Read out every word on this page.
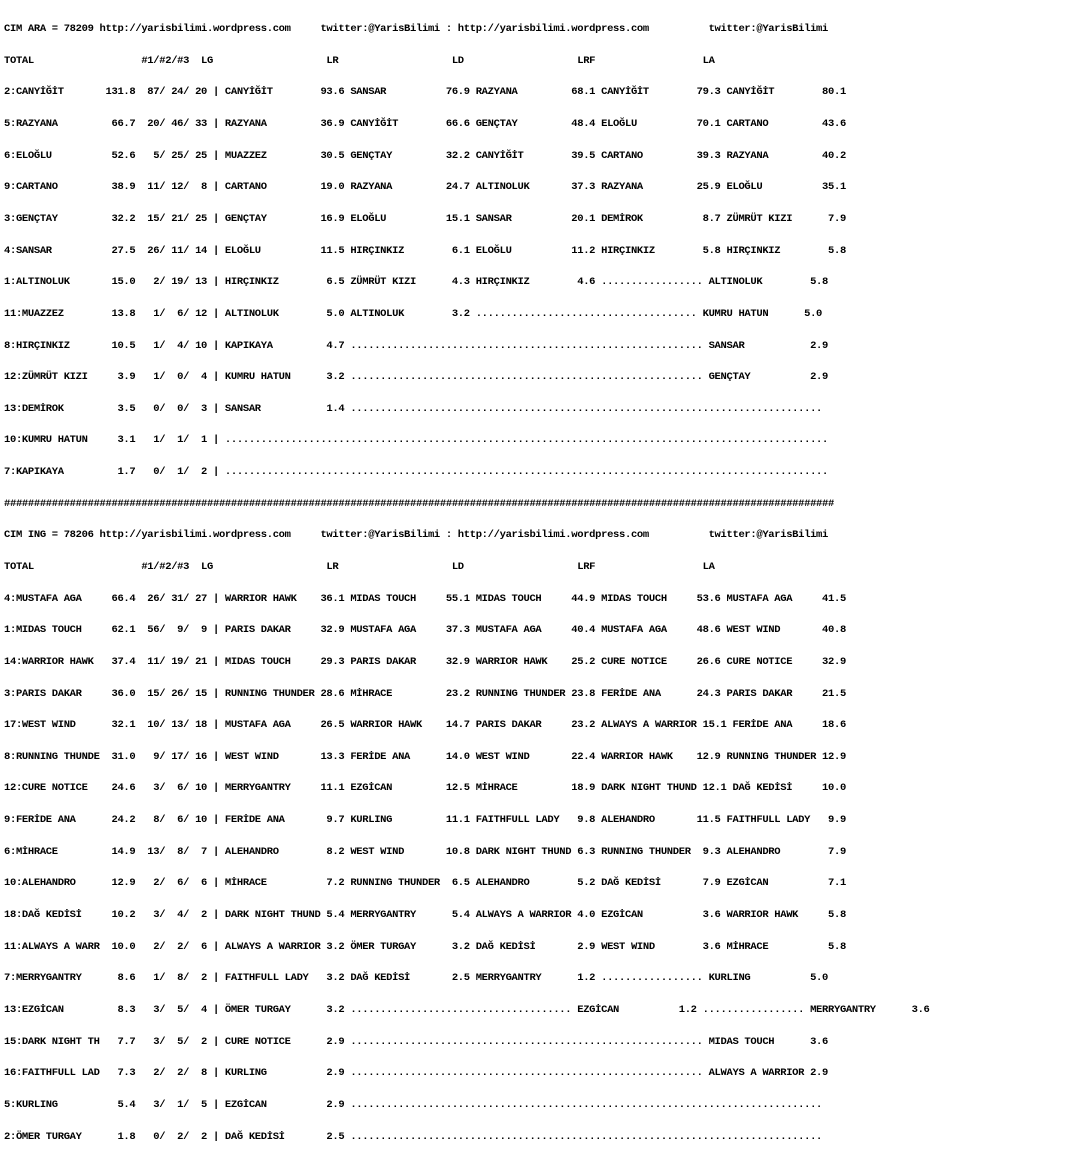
CIM ARA = 78209 http://yarisbilimi.wordpress.com     twitter:@YarisBilimi : http://yarisbilimi.wordpress.com          twitter:@YarisBilimi

TOTAL                  #1/#2/#3  LG                   LR                   LD                   LRF                  LA

2:CANYİĞİT       131.8  87/ 24/ 20 | CANYİĞİT        93.6 SANSAR          76.9 RAZYANA         68.1 CANYİĞİT        79.3 CANYİĞİT        80.1

5:RAZYANA         66.7  20/ 46/ 33 | RAZYANA         36.9 CANYİĞİT        66.6 GENÇTAY         48.4 ELOĞLU          70.1 CARTANO         43.6

6:ELOĞLU          52.6   5/ 25/ 25 | MUAZZEZ         30.5 GENÇTAY         32.2 CANYİĞİT        39.5 CARTANO         39.3 RAZYANA         40.2

9:CARTANO         38.9  11/ 12/  8 | CARTANO         19.0 RAZYANA         24.7 ALTINOLUK       37.3 RAZYANA         25.9 ELOĞLU          35.1

3:GENÇTAY         32.2  15/ 21/ 25 | GENÇTAY         16.9 ELOĞLU          15.1 SANSAR          20.1 DEMİROK          8.7 ZÜMRÜT KIZI      7.9

4:SANSAR          27.5  26/ 11/ 14 | ELOĞLU          11.5 HIRÇINKIZ        6.1 ELOĞLU          11.2 HIRÇINKIZ        5.8 HIRÇINKIZ        5.8

1:ALTINOLUK       15.0   2/ 19/ 13 | HIRÇINKIZ        6.5 ZÜMRÜT KIZI      4.3 HIRÇINKIZ        4.6 ................. ALTINOLUK        5.8

11:MUAZZEZ        13.8   1/  6/ 12 | ALTINOLUK        5.0 ALTINOLUK        3.2 ..................................... KUMRU HATUN      5.0

8:HIRÇINKIZ       10.5   1/  4/ 10 | KAPIKAYA         4.7 ........................................................... SANSAR           2.9

12:ZÜMRÜT KIZI     3.9   1/  0/  4 | KUMRU HATUN      3.2 ........................................................... GENÇTAY          2.9

13:DEMİROK         3.5   0/  0/  3 | SANSAR           1.4 ...............................................................................

10:KUMRU HATUN     3.1   1/  1/  1 | .....................................................................................................

7:KAPIKAYA         1.7   0/  1/  2 | .....................................................................................................

###########################################################################################################################################

CIM ING = 78206 http://yarisbilimi.wordpress.com     twitter:@YarisBilimi : http://yarisbilimi.wordpress.com          twitter:@YarisBilimi

TOTAL                  #1/#2/#3  LG                   LR                   LD                   LRF                  LA

4:MUSTAFA AGA     66.4  26/ 31/ 27 | WARRIOR HAWK    36.1 MIDAS TOUCH     55.1 MIDAS TOUCH     44.9 MIDAS TOUCH     53.6 MUSTAFA AGA     41.5

1:MIDAS TOUCH     62.1  56/  9/  9 | PARIS DAKAR     32.9 MUSTAFA AGA     37.3 MUSTAFA AGA     40.4 MUSTAFA AGA     48.6 WEST WIND       40.8

14:WARRIOR HAWK   37.4  11/ 19/ 21 | MIDAS TOUCH     29.3 PARIS DAKAR     32.9 WARRIOR HAWK    25.2 CURE NOTICE     26.6 CURE NOTICE     32.9

3:PARIS DAKAR     36.0  15/ 26/ 15 | RUNNING THUNDER 28.6 MİHRACE         23.2 RUNNING THUNDER 23.8 FERİDE ANA      24.3 PARIS DAKAR     21.5

17:WEST WIND      32.1  10/ 13/ 18 | MUSTAFA AGA     26.5 WARRIOR HAWK    14.7 PARIS DAKAR     23.2 ALWAYS A WARRIOR 15.1 FERİDE ANA     18.6

8:RUNNING THUNDE  31.0   9/ 17/ 16 | WEST WIND       13.3 FERİDE ANA      14.0 WEST WIND       22.4 WARRIOR HAWK    12.9 RUNNING THUNDER 12.9

12:CURE NOTICE    24.6   3/  6/ 10 | MERRYGANTRY     11.1 EZGİCAN         12.5 MİHRACE         18.9 DARK NIGHT THUND 12.1 DAĞ KEDİSİ     10.0

9:FERİDE ANA      24.2   8/  6/ 10 | FERİDE ANA       9.7 KURLING         11.1 FAITHFULL LADY   9.8 ALEHANDRO       11.5 FAITHFULL LADY   9.9

6:MİHRACE         14.9  13/  8/  7 | ALEHANDRO        8.2 WEST WIND       10.8 DARK NIGHT THUND 6.3 RUNNING THUNDER  9.3 ALEHANDRO        7.9

10:ALEHANDRO      12.9   2/  6/  6 | MİHRACE          7.2 RUNNING THUNDER  6.5 ALEHANDRO        5.2 DAĞ KEDİSİ       7.9 EZGİCAN          7.1

18:DAĞ KEDİSİ     10.2   3/  4/  2 | DARK NIGHT THUND 5.4 MERRYGANTRY      5.4 ALWAYS A WARRIOR 4.0 EZGİCAN          3.6 WARRIOR HAWK     5.8

11:ALWAYS A WARR  10.0   2/  2/  6 | ALWAYS A WARRIOR 3.2 ÖMER TURGAY      3.2 DAĞ KEDİSİ       2.9 WEST WIND        3.6 MİHRACE          5.8

7:MERRYGANTRY      8.6   1/  8/  2 | FAITHFULL LADY   3.2 DAĞ KEDİSİ       2.5 MERRYGANTRY      1.2 ................. KURLING          5.0

13:EZGİCAN         8.3   3/  5/  4 | ÖMER TURGAY      3.2 ..................................... EZGİCAN          1.2 ................. MERRYGANTRY      3.6

15:DARK NIGHT TH   7.7   3/  5/  2 | CURE NOTICE      2.9 ........................................................... MIDAS TOUCH      3.6

16:FAITHFULL LAD   7.3   2/  2/  8 | KURLING          2.9 ........................................................... ALWAYS A WARRIOR 2.9

5:KURLING          5.4   3/  1/  5 | EZGİCAN          2.9 ...............................................................................

2:ÖMER TURGAY      1.8   0/  2/  2 | DAĞ KEDİSİ       2.5 ...............................................................................
